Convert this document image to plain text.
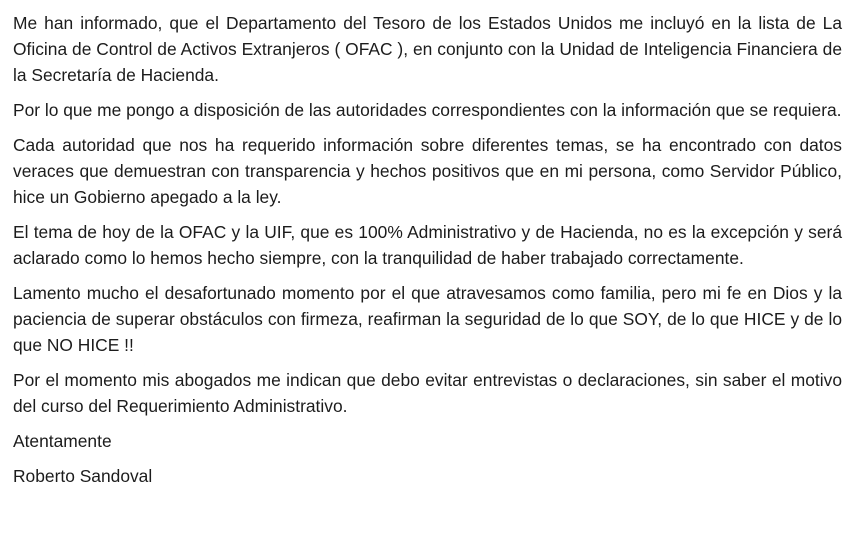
Me han informado, que el Departamento del Tesoro de los Estados Unidos me incluyó en la lista de La Oficina de Control de Activos Extranjeros ( OFAC ), en conjunto con la Unidad de Inteligencia Financiera de la Secretaría de Hacienda.

Por lo que me pongo a disposición de las autoridades correspondientes con la información que se requiera.

Cada autoridad que nos ha requerido información sobre diferentes temas, se ha encontrado con datos veraces que demuestran con transparencia y hechos positivos que en mi persona, como Servidor Público, hice un Gobierno apegado a la ley.

El tema de hoy de la OFAC y la UIF, que es 100% Administrativo y de Hacienda, no es la excepción y será aclarado como lo hemos hecho siempre, con la tranquilidad de haber trabajado correctamente.

Lamento mucho el desafortunado momento por el que atravesamos como familia, pero mi fe en Dios y la paciencia de superar obstáculos con firmeza, reafirman la seguridad de lo que SOY, de lo que HICE y de lo que NO HICE !!

Por el momento mis abogados me indican que debo evitar entrevistas o declaraciones, sin saber el motivo del curso del Requerimiento Administrativo.

Atentamente

Roberto Sandoval
